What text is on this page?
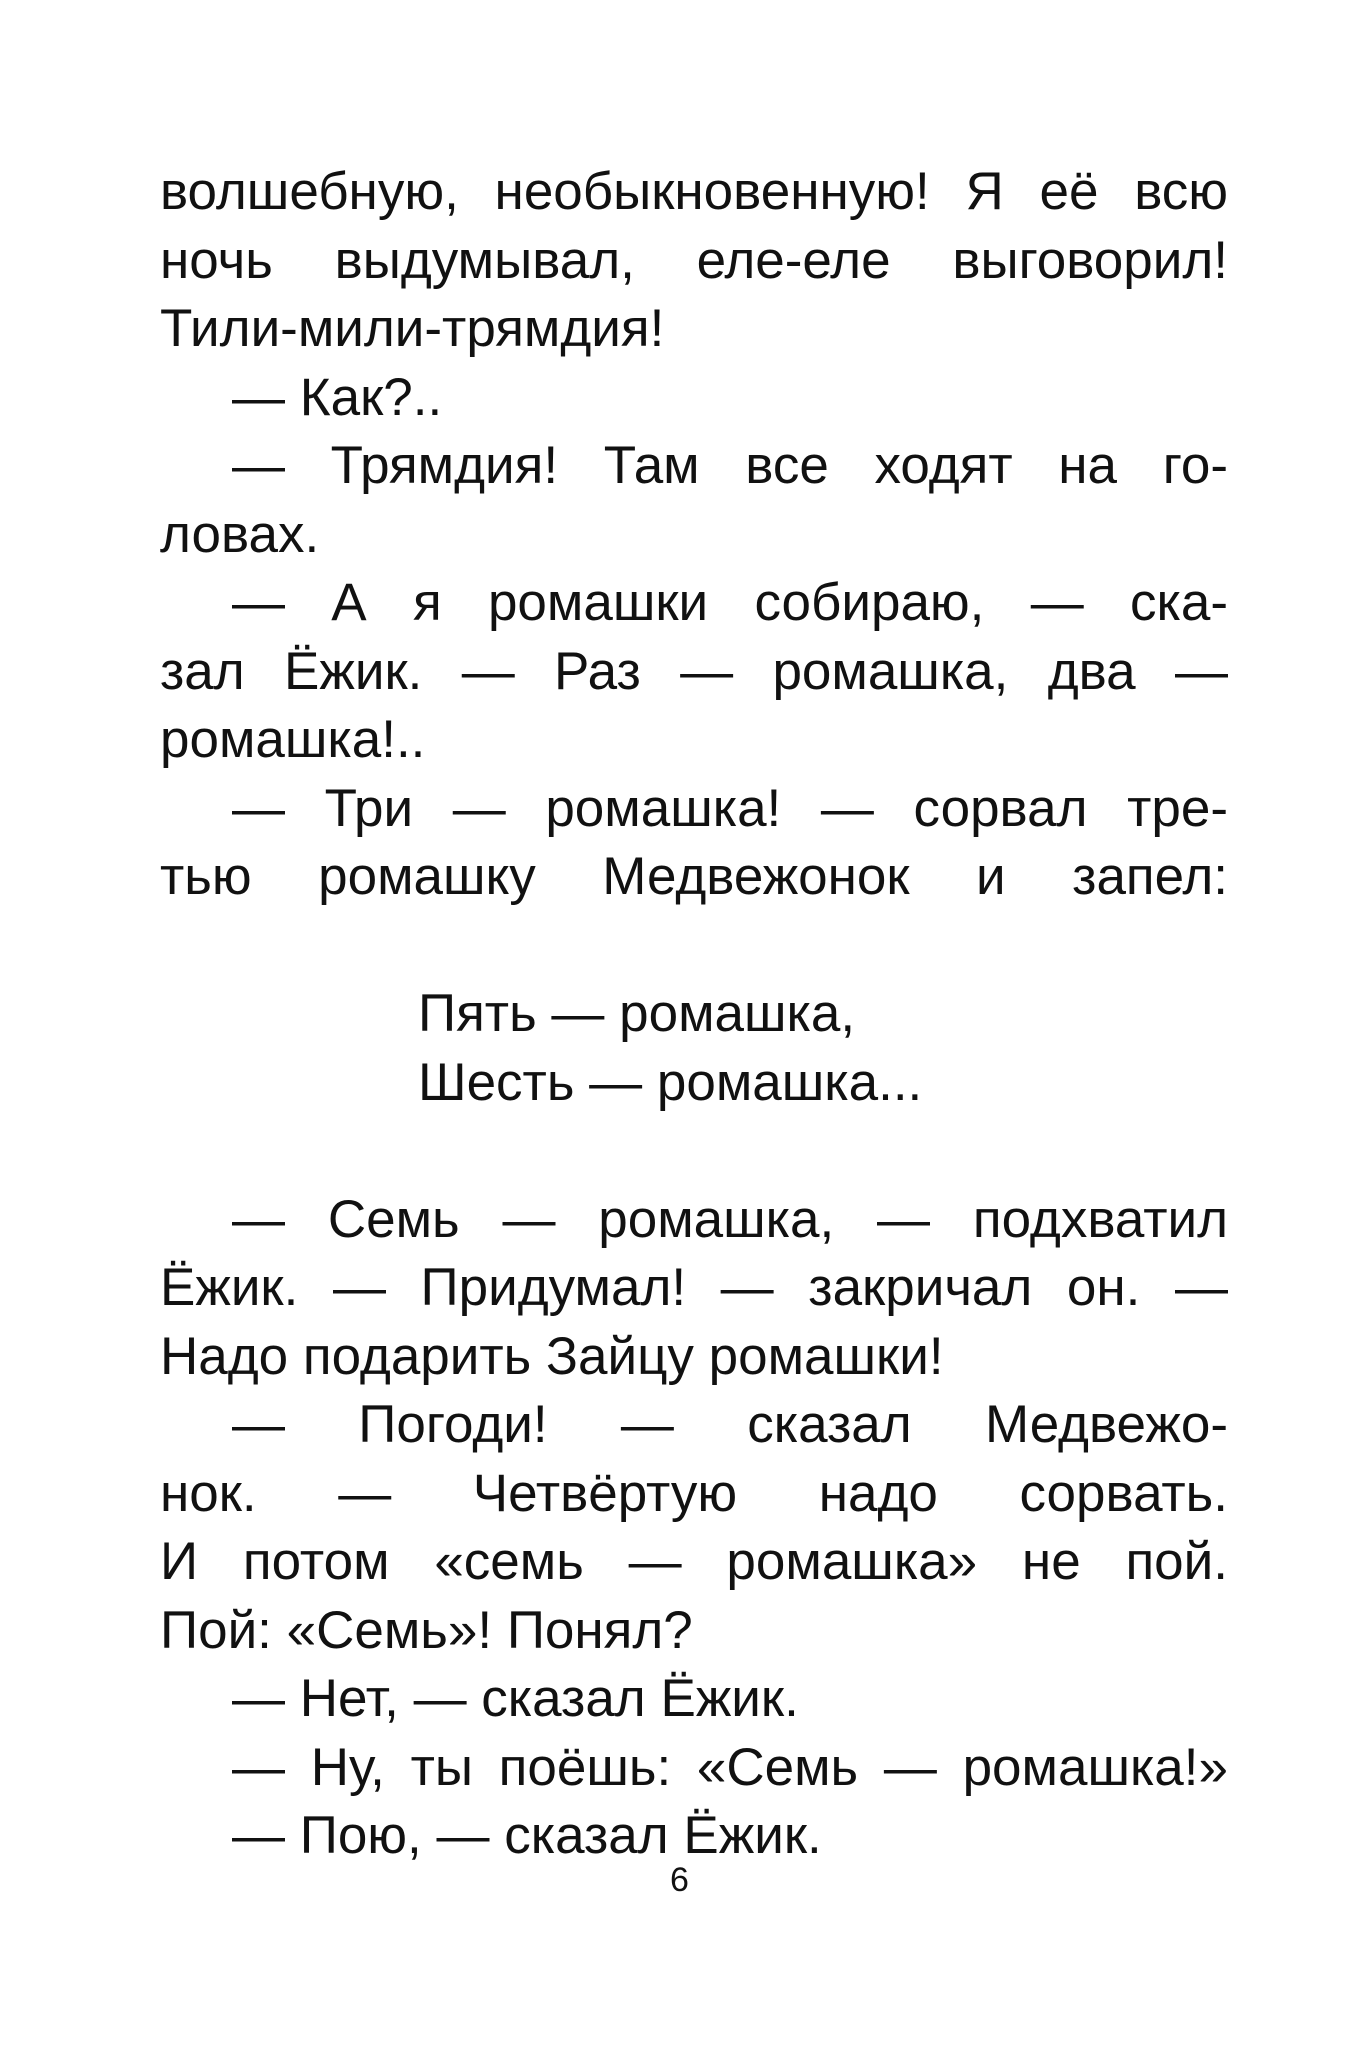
волшебную, необыкновенную! Я её всю
ночь выдумывал, еле-еле выговорил!
Тили-мили-трямдия!
— Как?..
— Трямдия! Там все ходят на го-
ловах.
— А я ромашки собираю, — ска-
зал Ёжик. — Раз — ромашка, два —
ромашка!..
— Три — ромашка! — сорвал тре-
тью ромашку Медвежонок и запел:
Пять — ромашка,
Шесть — ромашка...
— Семь — ромашка, — подхватил
Ёжик. — Придумал! — закричал он. —
Надо подарить Зайцу ромашки!
— Погоди! — сказал Медвежо-
нок. — Четвёртую надо сорвать.
И потом «семь — ромашка» не пой.
Пой: «Семь»! Понял?
— Нет, — сказал Ёжик.
— Ну, ты поёшь: «Семь — ромашка!»
— Пою, — сказал Ёжик.
6
